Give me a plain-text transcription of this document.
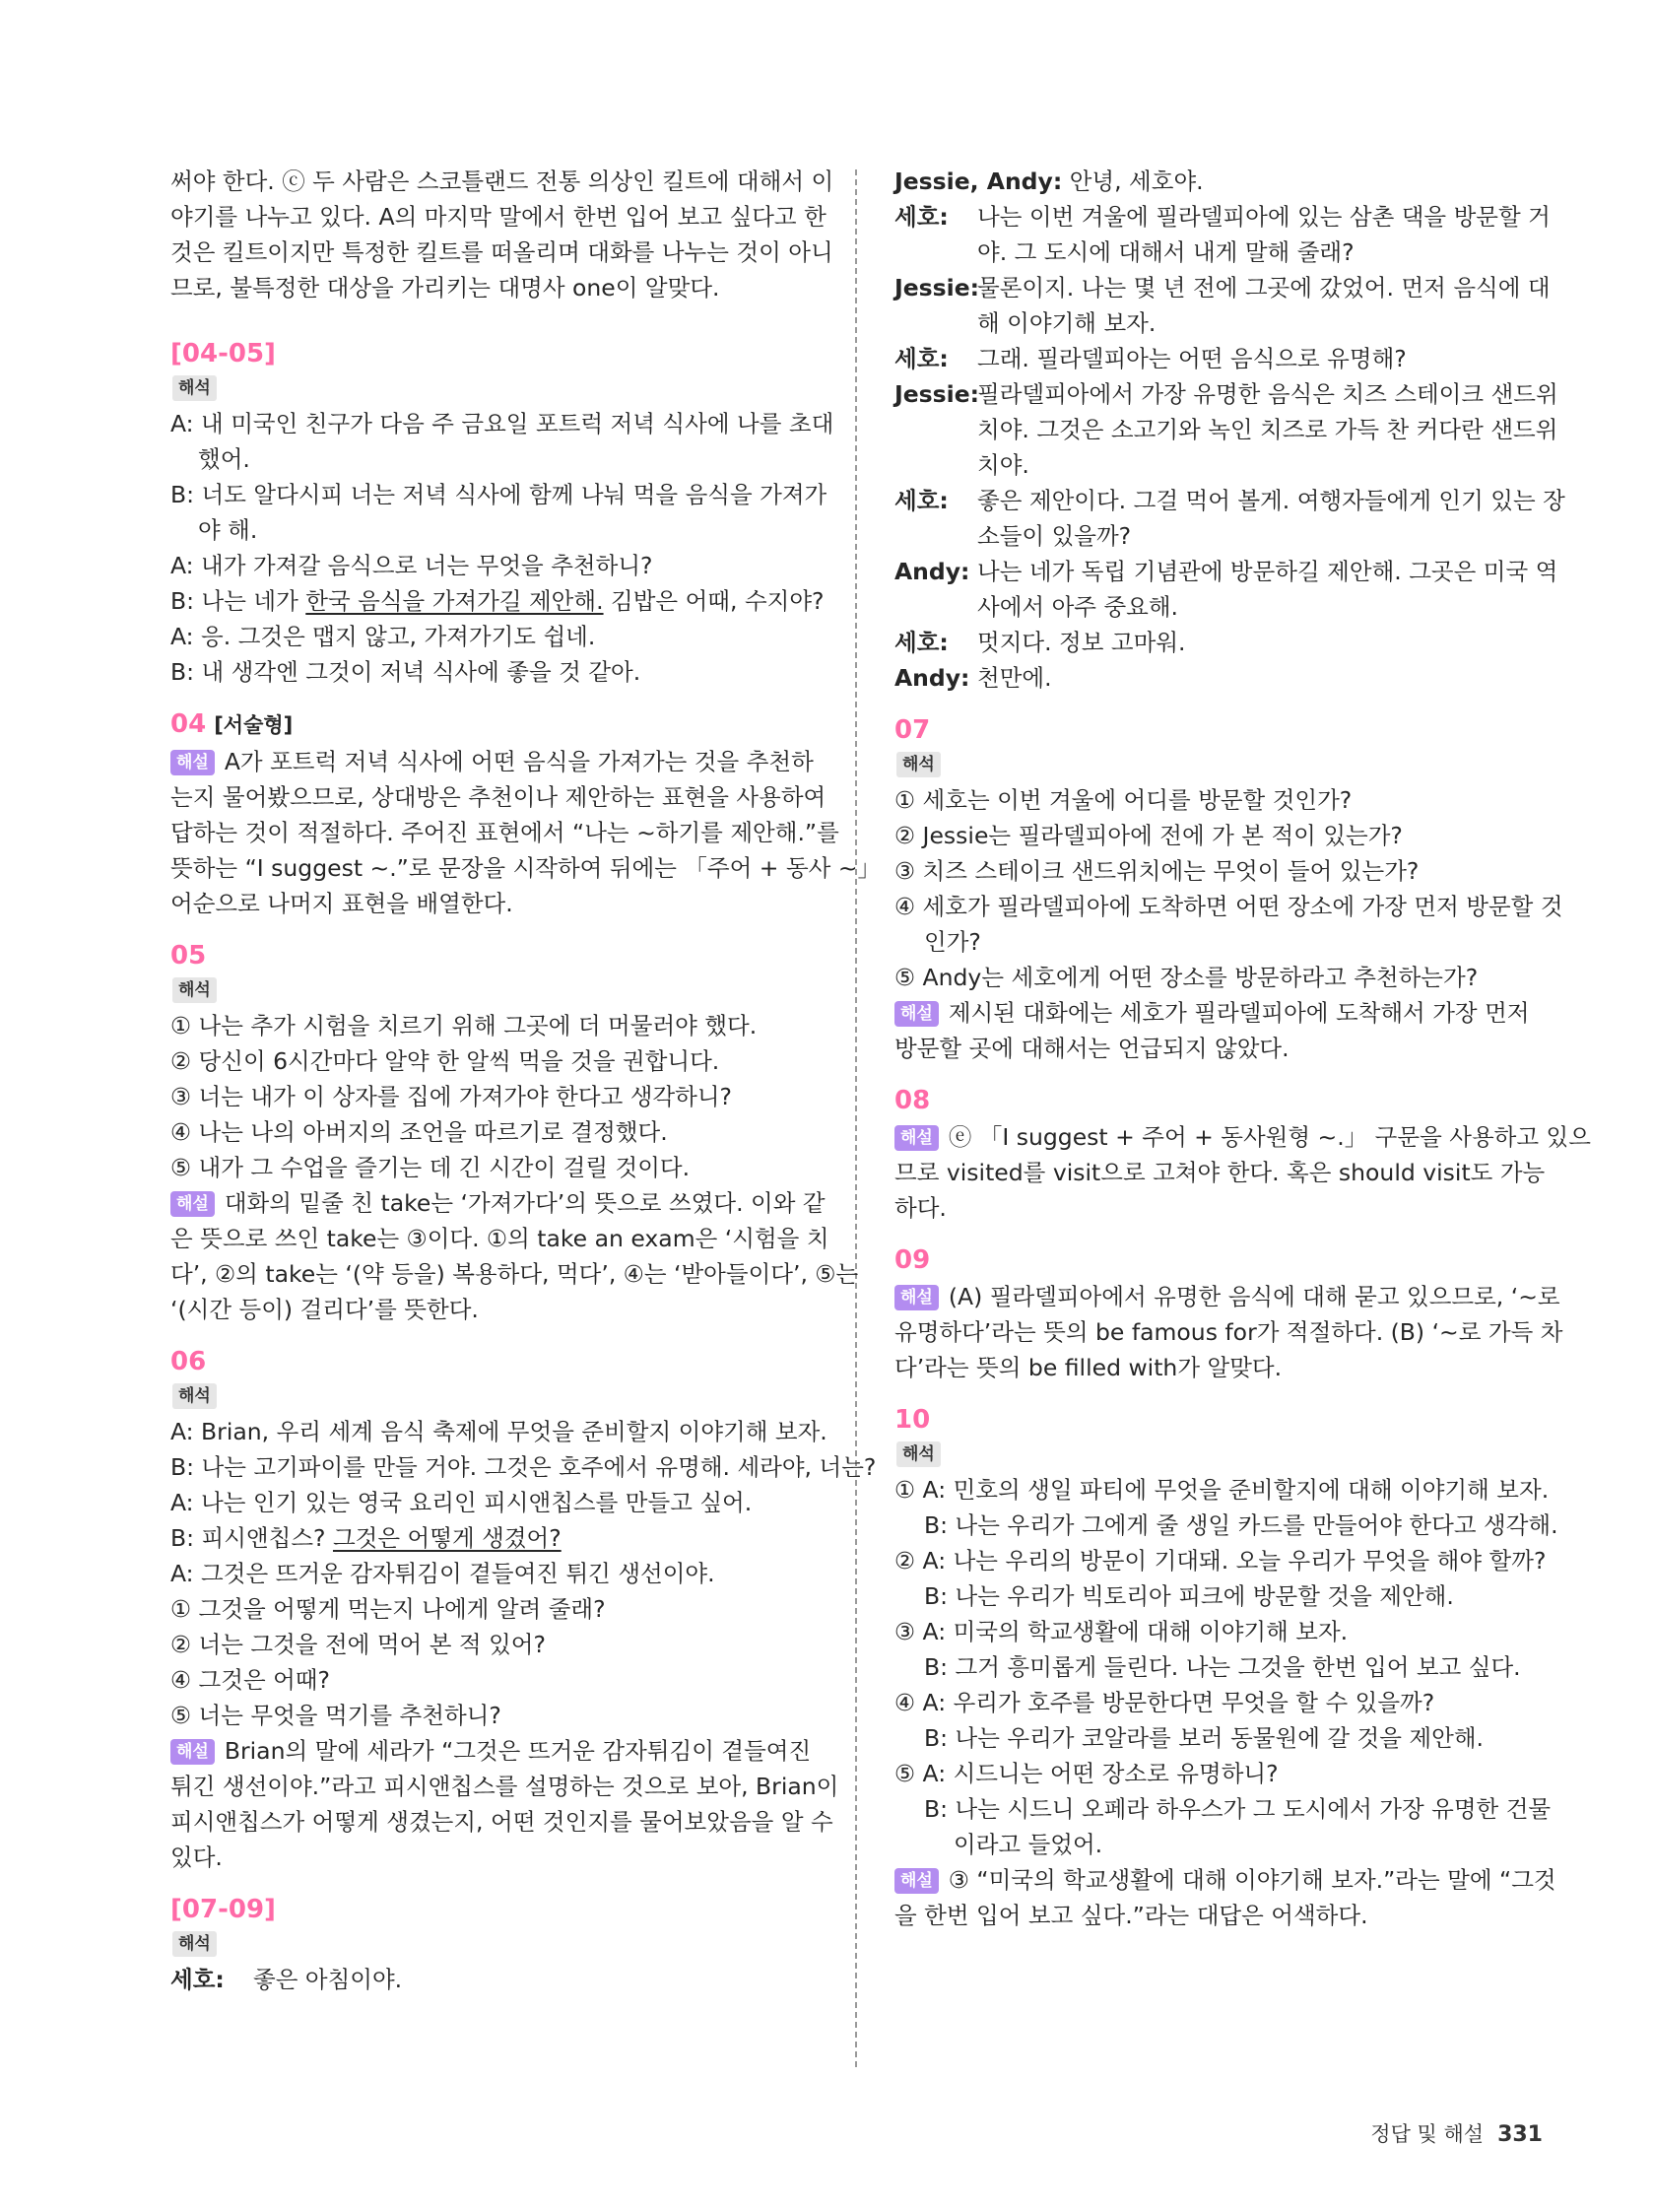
써야 한다. ⓒ 두 사람은 스코틀랜드 전통 의상인 킬트에 대해서 이
야기를 나누고 있다. A의 마지막 말에서 한번 입어 보고 싶다고 한
것은 킬트이지만 특정한 킬트를 떠올리며 대화를 나누는 것이 아니
므로, 불특정한 대상을 가리키는 대명사 one이 알맞다.
[04-05]
해석
A: 내 미국인 친구가 다음 주 금요일 포트럭 저녁 식사에 나를 초대
했어.
B: 너도 알다시피 너는 저녁 식사에 함께 나눠 먹을 음식을 가져가
야 해.
A: 내가 가져갈 음식으로 너는 무엇을 추천하니?
B: 나는 네가 한국 음식을 가져가길 제안해. 김밥은 어때, 수지야?
A: 응. 그것은 맵지 않고, 가져가기도 쉽네.
B: 내 생각엔 그것이 저녁 식사에 좋을 것 같아.
04 [서술형]
해설 A가 포트럭 저녁 식사에 어떤 음식을 가져가는 것을 추천하
는지 물어봤으므로, 상대방은 추천이나 제안하는 표현을 사용하여
답하는 것이 적절하다. 주어진 표현에서 “나는 ~하기를 제안해.”를
뜻하는 “I suggest ~.”로 문장을 시작하여 뒤에는 「주어 + 동사 ~」
어순으로 나머지 표현을 배열한다.
05
해석
① 나는 추가 시험을 치르기 위해 그곳에 더 머물러야 했다.
② 당신이 6시간마다 알약 한 알씩 먹을 것을 권합니다.
③ 너는 내가 이 상자를 집에 가져가야 한다고 생각하니?
④ 나는 나의 아버지의 조언을 따르기로 결정했다.
⑤ 내가 그 수업을 즐기는 데 긴 시간이 걸릴 것이다.
해설 대화의 밑줄 친 take는 ‘가져가다’의 뜻으로 쓰였다. 이와 같
은 뜻으로 쓰인 take는 ③이다. ①의 take an exam은 ‘시험을 치
다’, ②의 take는 ‘(약 등을) 복용하다, 먹다’, ④는 ‘받아들이다’, ⑤는
‘(시간 등이) 걸리다’를 뜻한다.
06
해석
A: Brian, 우리 세계 음식 축제에 무엇을 준비할지 이야기해 보자.
B: 나는 고기파이를 만들 거야. 그것은 호주에서 유명해. 세라야, 너는?
A: 나는 인기 있는 영국 요리인 피시앤칩스를 만들고 싶어.
B: 피시앤칩스? 그것은 어떻게 생겼어?
A: 그것은 뜨거운 감자튀김이 곁들여진 튀긴 생선이야.
① 그것을 어떻게 먹는지 나에게 알려 줄래?
② 너는 그것을 전에 먹어 본 적 있어?
④ 그것은 어때?
⑤ 너는 무엇을 먹기를 추천하니?
해설 Brian의 말에 세라가 “그것은 뜨거운 감자튀김이 곁들여진
튀긴 생선이야.”라고 피시앤칩스를 설명하는 것으로 보아, Brian이
피시앤칩스가 어떻게 생겼는지, 어떤 것인지를 물어보았음을 알 수
있다.
[07-09]
해석
세호: 좋은 아침이야.
Jessie, Andy: 안녕, 세호야.
세호: 나는 이번 겨울에 필라델피아에 있는 삼촌 댁을 방문할 거
야. 그 도시에 대해서 내게 말해 줄래?
Jessie:물론이지. 나는 몇 년 전에 그곳에 갔었어. 먼저 음식에 대
해 이야기해 보자.
세호: 그래. 필라델피아는 어떤 음식으로 유명해?
Jessie:필라델피아에서 가장 유명한 음식은 치즈 스테이크 샌드위
치야. 그것은 소고기와 녹인 치즈로 가득 찬 커다란 샌드위
치야.
세호: 좋은 제안이다. 그걸 먹어 볼게. 여행자들에게 인기 있는 장
소들이 있을까?
Andy: 나는 네가 독립 기념관에 방문하길 제안해. 그곳은 미국 역
사에서 아주 중요해.
세호: 멋지다. 정보 고마워.
Andy: 천만에.
07
해석
① 세호는 이번 겨울에 어디를 방문할 것인가?
② Jessie는 필라델피아에 전에 가 본 적이 있는가?
③ 치즈 스테이크 샌드위치에는 무엇이 들어 있는가?
④ 세호가 필라델피아에 도착하면 어떤 장소에 가장 먼저 방문할 것
인가?
⑤ Andy는 세호에게 어떤 장소를 방문하라고 추천하는가?
해설 제시된 대화에는 세호가 필라델피아에 도착해서 가장 먼저
방문할 곳에 대해서는 언급되지 않았다.
08
해설 ⓔ 「I suggest + 주어 + 동사원형 ~.」 구문을 사용하고 있으
므로 visited를 visit으로 고쳐야 한다. 혹은 should visit도 가능
하다.
09
해설 (A) 필라델피아에서 유명한 음식에 대해 묻고 있으므로, ‘~로
유명하다’라는 뜻의 be famous for가 적절하다. (B) ‘~로 가득 차
다’라는 뜻의 be filled with가 알맞다.
10
해석
① A: 민호의 생일 파티에 무엇을 준비할지에 대해 이야기해 보자.
B: 나는 우리가 그에게 줄 생일 카드를 만들어야 한다고 생각해.
② A: 나는 우리의 방문이 기대돼. 오늘 우리가 무엇을 해야 할까?
B: 나는 우리가 빅토리아 피크에 방문할 것을 제안해.
③ A: 미국의 학교생활에 대해 이야기해 보자.
B: 그거 흥미롭게 들린다. 나는 그것을 한번 입어 보고 싶다.
④ A: 우리가 호주를 방문한다면 무엇을 할 수 있을까?
B: 나는 우리가 코알라를 보러 동물원에 갈 것을 제안해.
⑤ A: 시드니는 어떤 장소로 유명하니?
B: 나는 시드니 오페라 하우스가 그 도시에서 가장 유명한 건물
이라고 들었어.
해설 ③ “미국의 학교생활에 대해 이야기해 보자.”라는 말에 “그것
을 한번 입어 보고 싶다.”라는 대답은 어색하다.
정답 및 해설 331
